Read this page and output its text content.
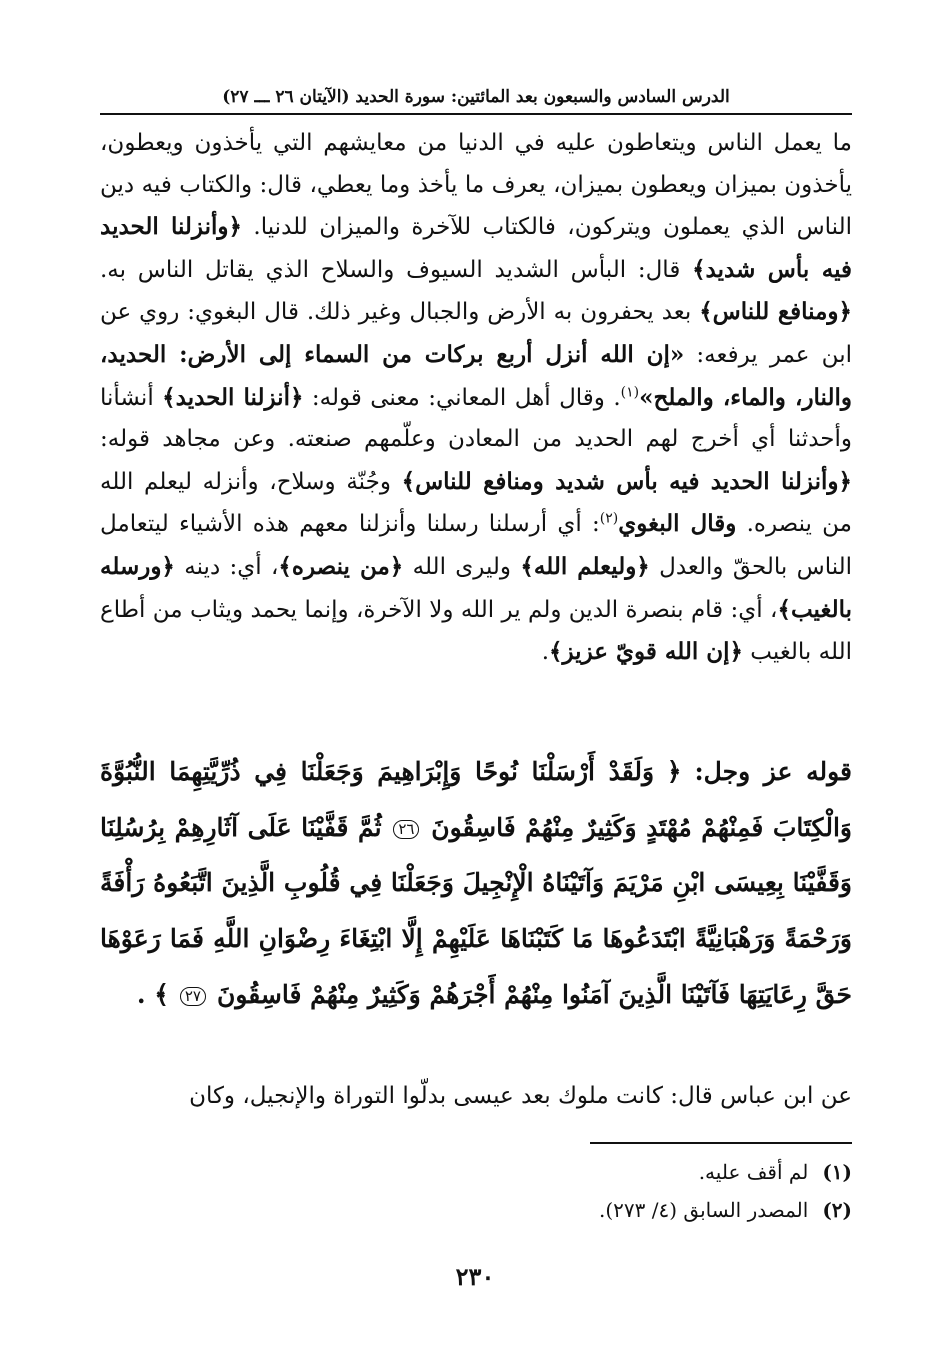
الدرس السادس والسبعون بعد المائتين: سورة الحديد (الآيتان ٢٦ ـــ ٢٧)
ما يعمل الناس ويتعاطون عليه في الدنيا من معايشهم التي يأخذون ويعطون، يأخذون بميزان ويعطون بميزان، يعرف ما يأخذ وما يعطي، قال: والكتاب فيه دين الناس الذي يعملون ويتركون، فالكتاب للآخرة والميزان للدنيا. ﴿وأنزلنا الحديد فيه بأس شديد﴾ قال: البأس الشديد السيوف والسلاح الذي يقاتل الناس به. ﴿ومنافع للناس﴾ بعد يحفرون به الأرض والجبال وغير ذلك. قال البغوي: روي عن ابن عمر يرفعه: «إن الله أنزل أربع بركات من السماء إلى الأرض: الحديد، والنار، والماء، والملح»$^{(١)}$. وقال أهل المعاني: معنى قوله: ﴿أنزلنا الحديد﴾ أنشأنا وأحدثنا أي أخرج لهم الحديد من المعادن وعلّمهم صنعته. وعن مجاهد قوله: ﴿وأنزلنا الحديد فيه بأس شديد ومنافع للناس﴾ وجُنّة وسلاح، وأنزله ليعلم الله من ينصره. وقال البغوي$^{(٢)}$: أي أرسلنا رسلنا وأنزلنا معهم هذه الأشياء ليتعامل الناس بالحقّ والعدل ﴿وليعلم الله﴾ وليرى الله ﴿من ينصره﴾، أي: دينه ﴿ورسله بالغيب﴾، أي: قام بنصرة الدين ولم ير الله ولا الآخرة، وإنما يحمد ويثاب من أطاع الله بالغيب ﴿إن الله قويّ عزيز﴾.
قوله عز وجل: ﴿ وَلَقَدْ أَرْسَلْنَا نُوحًا وَإِبْرَاهِيمَ وَجَعَلْنَا فِي ذُرِّيَّتِهِمَا النُّبُوَّةَ وَالْكِتَابَ فَمِنْهُمْ مُهْتَدٍ وَكَثِيرٌ مِنْهُمْ فَاسِقُونَ ٢٦ ثُمَّ قَفَّيْنَا عَلَى آثَارِهِمْ بِرُسُلِنَا وَقَفَّيْنَا بِعِيسَى ابْنِ مَرْيَمَ وَآتَيْنَاهُ الْإِنْجِيلَ وَجَعَلْنَا فِي قُلُوبِ الَّذِينَ اتَّبَعُوهُ رَأْفَةً وَرَحْمَةً وَرَهْبَانِيَّةً ابْتَدَعُوهَا مَا كَتَبْنَاهَا عَلَيْهِمْ إِلَّا ابْتِغَاءَ رِضْوَانِ اللَّهِ فَمَا رَعَوْهَا حَقَّ رِعَايَتِهَا فَآتَيْنَا الَّذِينَ آمَنُوا مِنْهُمْ أَجْرَهُمْ وَكَثِيرٌ مِنْهُمْ فَاسِقُونَ ٢٧ ﴾ .
عن ابن عباس قال: كانت ملوك بعد عيسى بدلّوا التوراة والإنجيل، وكان
(١)لم أقف عليه.
(٢)المصدر السابق (٤/ ٢٧٣).
٢٣٠
